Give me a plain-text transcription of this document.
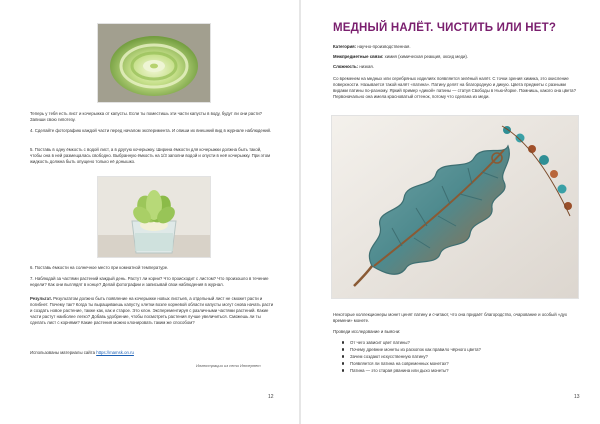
Теперь у тебя есть лист и кочерыжка от капусты. Если ты поместишь эти части капусты в воду, будут ли они расти? Запиши свою гипотезу.

4. Сделайте фотографию каждой части перед началом эксперимента. И опиши их внешний вид в журнале наблюдений.

5. Поставь в одну ёмкость с водой лист, а в другую кочерыжку. Ширина ёмкости для кочерыжки должна быть такой, чтобы она в ней размещалась свободно. Выбранную ёмкость на 1/3 заполни водой и опусти в неё кочерыжку. При этом жидкость должна быть опущено только её донышко.

6. Поставь ёмкости на солнечное место при комнатной температуре.

7. Наблюдай за частями растений каждый день. Растут ли корни? Что происходит с листом? Что произошло в течение недели? Как они выглядят в конце? Делай фотографии и записывай свои наблюдения в журнал.

Результат. Результатом должно быть появление на кочерыжке новых листьев, а отдельный лист не сможет расти и погибнет. Почему так? Когда ты выращиваешь капусту, клетки возле корневой области капусты могут снова начать расти и создать новое растение, также как, как и старое. Это клон. Эксперементируя с различными частями растений. Какие части растут наиболее легко? Добавь удобрение, чтобы посмотреть растения лучше увеличиться. Сможешь ли ты сделать лист с корнями? Какие растения можно клонировать таким же способом?

Использованы материалы сайта https://mamsk.on.ru

Иллюстрации из сети Интернет
12
МЕДНЫЙ НАЛЁТ. ЧИСТИТЬ ИЛИ НЕТ?

Категория: научно-производственная.

Межпредметные связи: химия (химическая реакция, оксид меди).

Сложность: низкая.

Со временем на медных или серебряных изделиях появляется зелёный налёт. С точки зрения химика, это окисление поверхности. Называется такой налёт «патина». Патину делят на благородную и дикую. Цвета предметы с разными видами патины по-разному. Яркий пример «дикой» патины — статуя Свободы в Нью-Йорке. Помнишь, какого она цвета? Первоначально она имела красноватый оттенок, потому что сделана из меди.

Некоторые коллекционеры монет ценят патину и считают, что она придаёт благородство, очарование и особый «дух времени» монете.

Проведи исследование и выясни:

От чего зависит цвет патины?
Почему древние монеты из раскопок как правило чёрного цвета?
Зачем создают искусственную патину?
Появляется ли патина на современных монетах?
Патина — это старая рванина или дыхо монеты?
13
